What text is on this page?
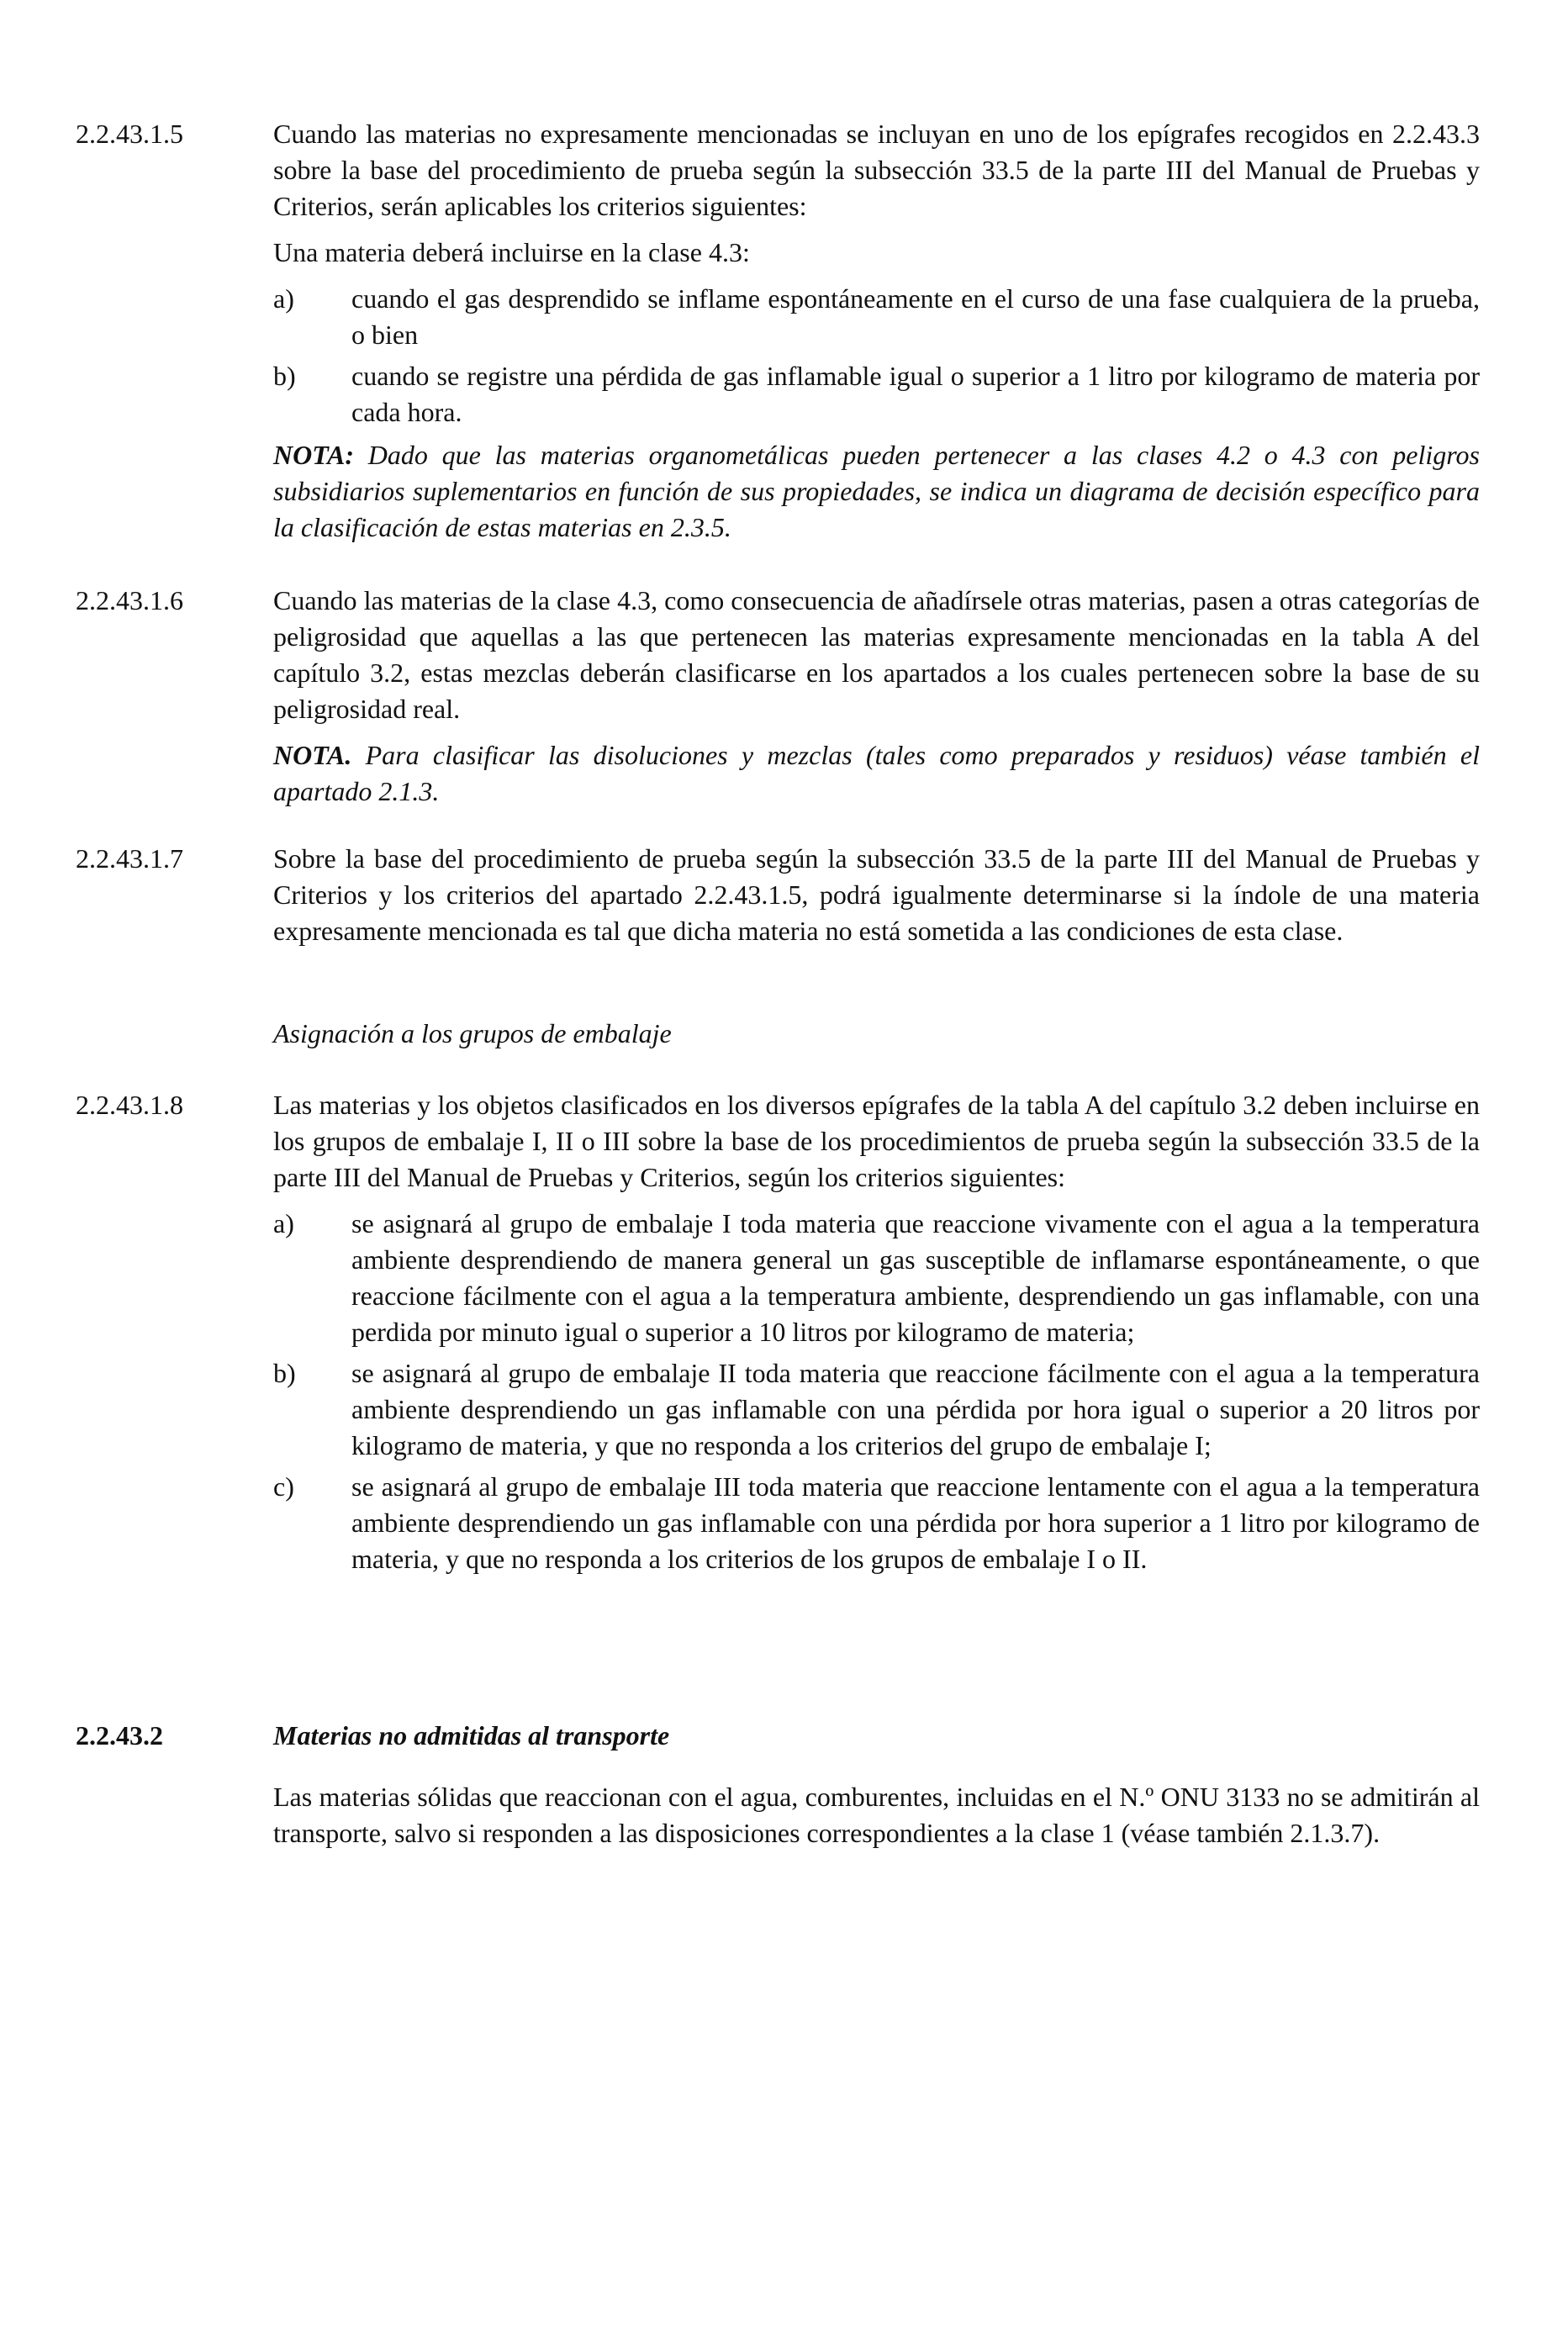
2.2.43.1.5	Cuando las materias no expresamente mencionadas se incluyan en uno de los epígrafes recogidos en 2.2.43.3 sobre la base del procedimiento de prueba según la subsección 33.5 de la parte III del Manual de Pruebas y Criterios, serán aplicables los criterios siguientes:

Una materia deberá incluirse en la clase 4.3:

a) cuando el gas desprendido se inflame espontáneamente en el curso de una fase cualquiera de la prueba, o bien
b) cuando se registre una pérdida de gas inflamable igual o superior a 1 litro por kilogramo de materia por cada hora.

NOTA: Dado que las materias organometálicas pueden pertenecer a las clases 4.2 o 4.3 con peligros subsidiarios suplementarios en función de sus propiedades, se indica un diagrama de decisión específico para la clasificación de estas materias en 2.3.5.

2.2.43.1.6	Cuando las materias de la clase 4.3, como consecuencia de añadírsele otras materias, pasen a otras categorías de peligrosidad que aquellas a las que pertenecen las materias expresamente mencionadas en la tabla A del capítulo 3.2, estas mezclas deberán clasificarse en los apartados a los cuales pertenecen sobre la base de su peligrosidad real.

NOTA. Para clasificar las disoluciones y mezclas (tales como preparados y residuos) véase también el apartado 2.1.3.

2.2.43.1.7	Sobre la base del procedimiento de prueba según la subsección 33.5 de la parte III del Manual de Pruebas y Criterios y los criterios del apartado 2.2.43.1.5, podrá igualmente determinarse si la índole de una materia expresamente mencionada es tal que dicha materia no está sometida a las condiciones de esta clase.

Asignación a los grupos de embalaje

2.2.43.1.8	Las materias y los objetos clasificados en los diversos epígrafes de la tabla A del capítulo 3.2 deben incluirse en los grupos de embalaje I, II o III sobre la base de los procedimientos de prueba según la subsección 33.5 de la parte III del Manual de Pruebas y Criterios, según los criterios siguientes:

a) se asignará al grupo de embalaje I toda materia que reaccione vivamente con el agua a la temperatura ambiente desprendiendo de manera general un gas susceptible de inflamarse espontáneamente, o que reaccione fácilmente con el agua a la temperatura ambiente, desprendiendo un gas inflamable, con una perdida por minuto igual o superior a 10 litros por kilogramo de materia;
b) se asignará al grupo de embalaje II toda materia que reaccione fácilmente con el agua a la temperatura ambiente desprendiendo un gas inflamable con una pérdida por hora igual o superior a 20 litros por kilogramo de materia, y que no responda a los criterios del grupo de embalaje I;
c) se asignará al grupo de embalaje III toda materia que reaccione lentamente con el agua a la temperatura ambiente desprendiendo un gas inflamable con una pérdida por hora superior a 1 litro por kilogramo de materia, y que no responda a los criterios de los grupos de embalaje I o II.
2.2.43.2	Materias no admitidas al transporte

Las materias sólidas que reaccionan con el agua, comburentes, incluidas en el N.º ONU 3133 no se admitirán al transporte, salvo si responden a las disposiciones correspondientes a la clase 1 (véase también 2.1.3.7).
